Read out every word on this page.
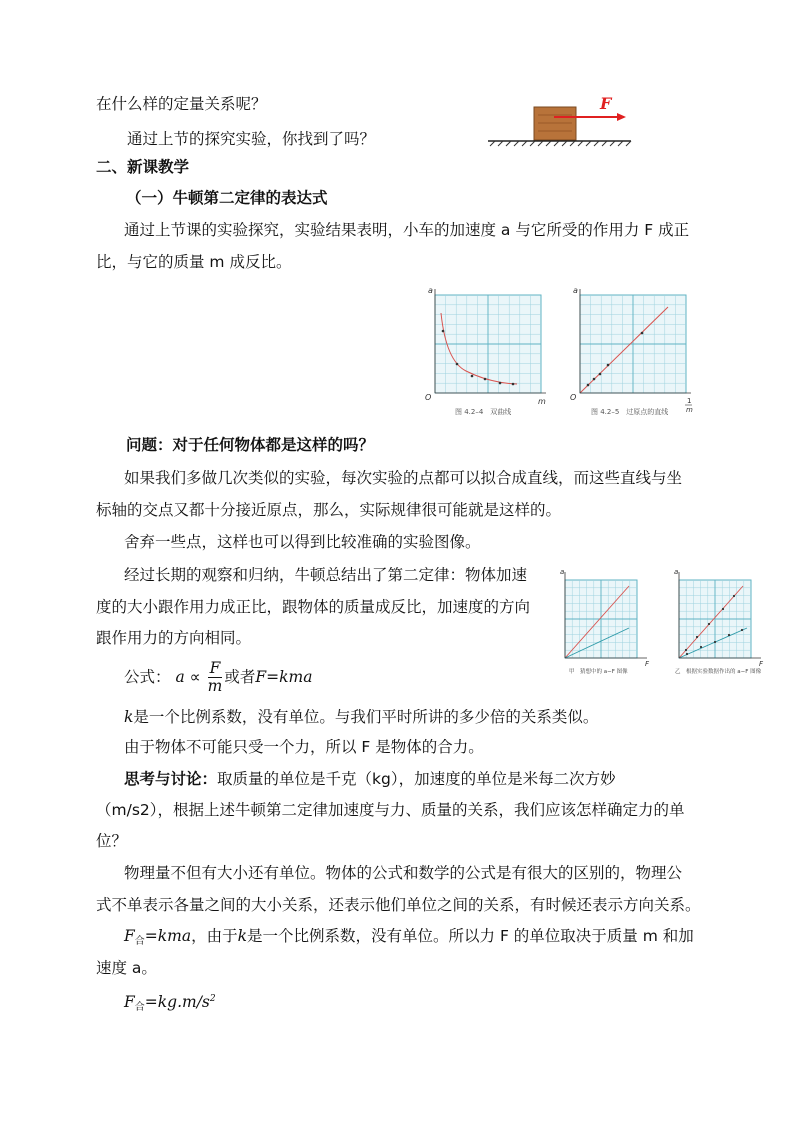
在什么样的定量关系呢？
通过上节的探究实验，你找到了吗？
F
二、新课教学
（一）牛顿第二定律的表达式
通过上节课的实验探究，实验结果表明，小车的加速度 a 与它所受的作用力 F 成正
比，与它的质量 m 成反比。
a
O	m
图 4.2–4　双曲线
a
O	1
m
图 4.2–5　过原点的直线
问题：对于任何物体都是这样的吗？
如果我们多做几次类似的实验，每次实验的点都可以拟合成直线，而这些直线与坐
标轴的交点又都十分接近原点，那么，实际规律很可能就是这样的。
舍弃一些点，这样也可以得到比较准确的实验图像。
经过长期的观察和归纳，牛顿总结出了第二定律：物体加速
度的大小跟作用力成正比，跟物体的质量成反比，加速度的方向
跟作用力的方向相同。
a
F
甲　猜想中的 a−F 图像
a
F
乙　根据实验数据作出的 a−F 图像
公式： $a \propto \frac{F}{m}$ 或者F=kma
k是一个比例系数，没有单位。与我们平时所讲的多少倍的关系类似。
由于物体不可能只受一个力，所以 F 是物体的合力。
思考与讨论：取质量的单位是千克（kg），加速度的单位是米每二次方妙
（m/s2），根据上述牛顿第二定律加速度与力、质量的关系，我们应该怎样确定力的单
位？
物理量不但有大小还有单位。物体的公式和数学的公式是有很大的区别的，物理公
式不单表示各量之间的大小关系，还表示他们单位之间的关系，有时候还表示方向关系。
$F_合=kma$，由于k是一个比例系数，没有单位。所以力 F 的单位取决于质量 m 和加
速度 a。
$F_合=kg.m/s^2$
